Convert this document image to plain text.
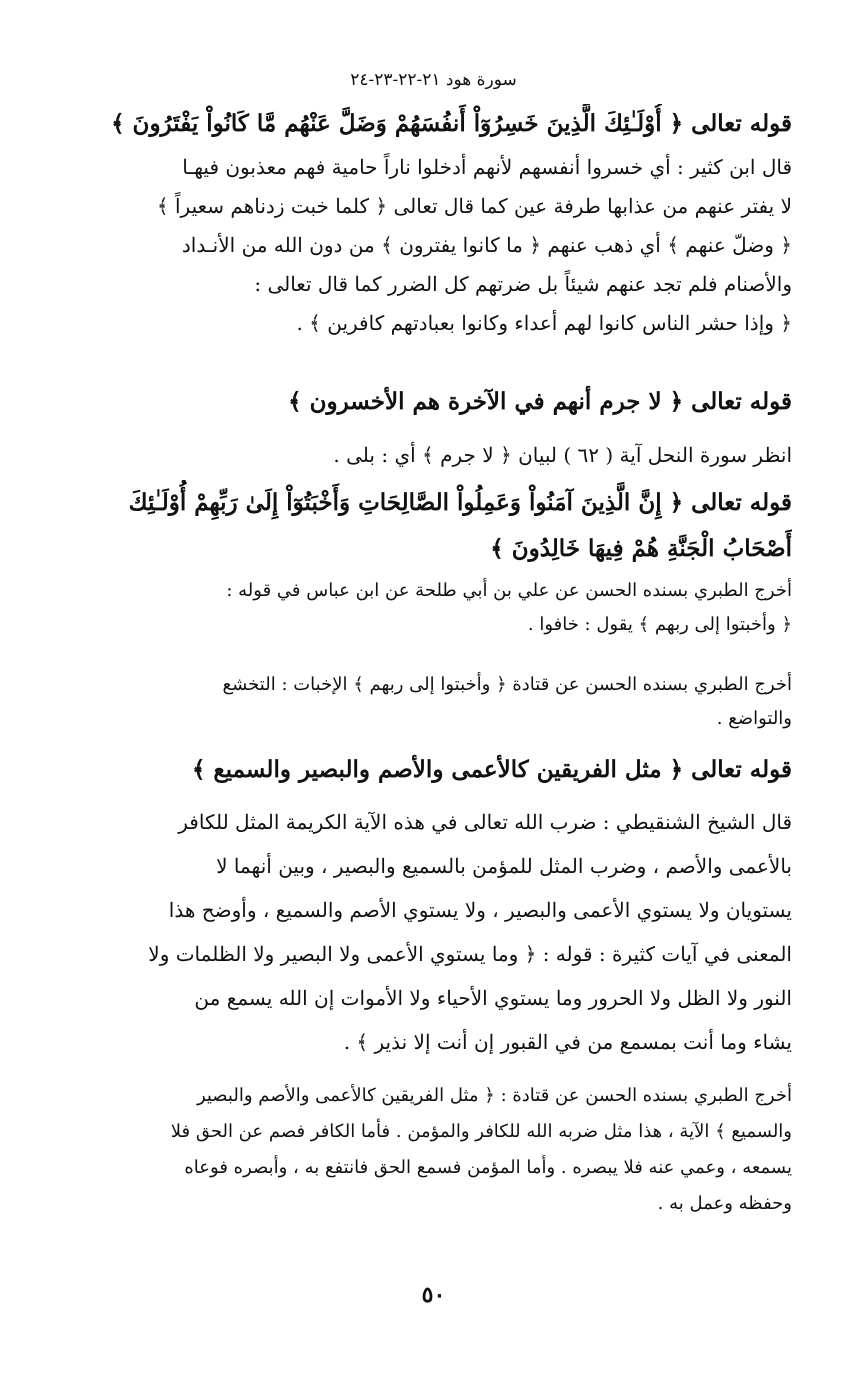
سورة هود ٢١-٢٢-٢٣-٢٤
قوله تعالى ﴿ أُوْلَـٰئِكَ الَّذِينَ خَسِرُوٓاْ أَنفُسَهُمْ وَضَلَّ عَنْهُم مَّا كَانُواْ يَفْتَرُونَ ﴾
قال ابن كثير : أي خسروا أنفسهم لأنهم أدخلوا ناراً حامية فهم معذبون فيهـا
لا يفتر عنهم من عذابها طرفة عين كما قال تعالى ﴿ كلما خبت زدناهم سعيراً ﴾
﴿ وضلّ عنهم ﴾ أي ذهب عنهم ﴿ ما كانوا يفترون ﴾ من دون الله من الأنـداد
والأصنام فلم تجد عنهم شيئاً بل ضرتهم كل الضرر كما قال تعالى :
﴿ وإذا حشر الناس كانوا لهم أعداء وكانوا بعبادتهم كافرين ﴾ .
قوله تعالى ﴿ لا جرم أنهم في الآخرة هم الأخسرون ﴾
انظر سورة النحل آية ( ٦٢ ) لبيان ﴿ لا جرم ﴾ أي : بلى .
قوله تعالى ﴿ إِنَّ الَّذِينَ آمَنُواْ وَعَمِلُواْ الصَّالِحَاتِ وَأَخْبَتُوٓاْ إِلَىٰ رَبِّهِمْ أُوْلَـٰئِكَ
أَصْحَابُ الْجَنَّةِ هُمْ فِيهَا خَالِدُونَ ﴾
أخرج الطبري بسنده الحسن عن علي بن أبي طلحة عن ابن عباس في قوله :
﴿ وأخبتوا إلى ربهم ﴾ يقول : خافوا .
أخرج الطبري بسنده الحسن عن قتادة ﴿ وأخبتوا إلى ربهم ﴾ الإخبات : التخشع
والتواضع .
قوله تعالى ﴿ مثل الفريقين كالأعمى والأصم والبصير والسميع ﴾
قال الشيخ الشنقيطي : ضرب الله تعالى في هذه الآية الكريمة المثل للكافر
بالأعمى والأصم ، وضرب المثل للمؤمن بالسميع والبصير ، وبين أنهما لا
يستويان ولا يستوي الأعمى والبصير ، ولا يستوي الأصم والسميع ، وأوضح هذا
المعنى في آيات كثيرة : قوله : ﴿ وما يستوي الأعمى ولا البصير ولا الظلمات ولا
النور ولا الظل ولا الحرور وما يستوي الأحياء ولا الأموات إن الله يسمع من
يشاء وما أنت بمسمع من في القبور إن أنت إلا نذير ﴾ .
أخرج الطبري بسنده الحسن عن قتادة : ﴿ مثل الفريقين كالأعمى والأصم والبصير
والسميع ﴾ الآية ، هذا مثل ضربه الله للكافر والمؤمن . فأما الكافر فصم عن الحق فلا
يسمعه ، وعمي عنه فلا يبصره . وأما المؤمن فسمع الحق فانتفع به ، وأبصره فوعاه
وحفظه وعمل به .
٥٠
